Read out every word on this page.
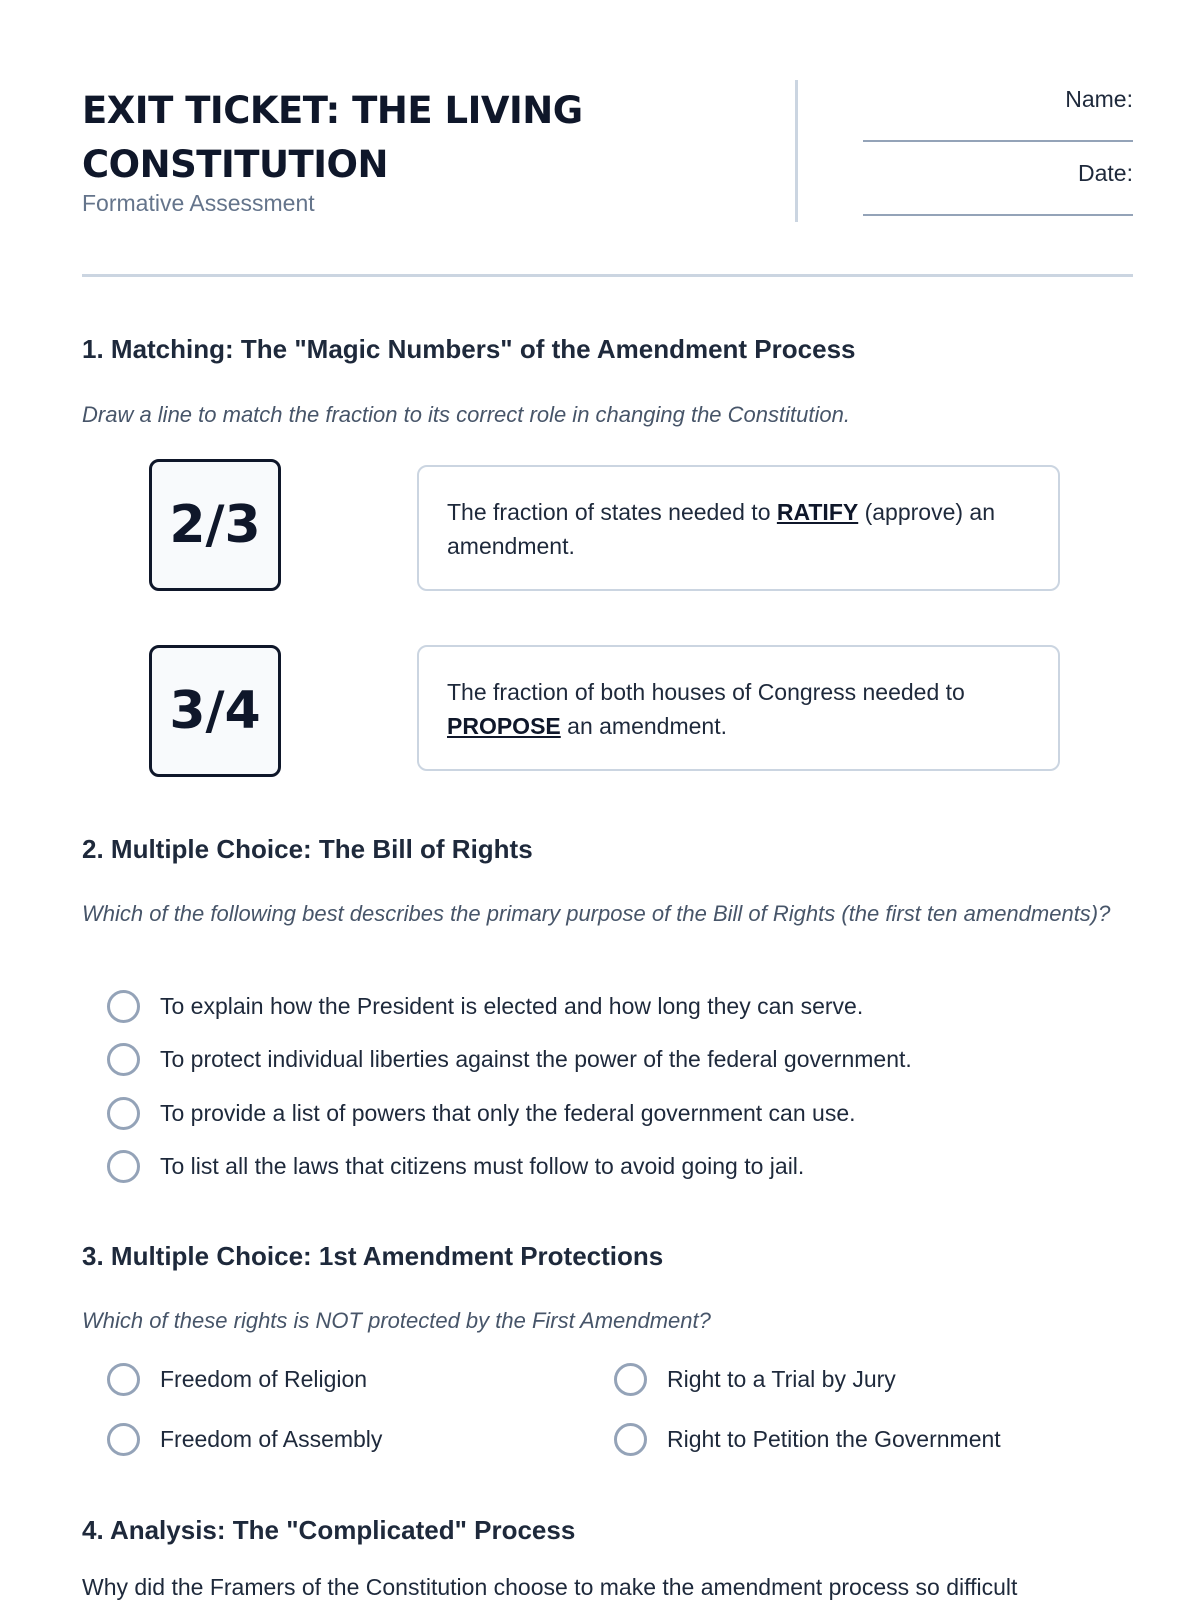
EXIT TICKET: THE LIVING CONSTITUTION
Formative Assessment
Name:
Date:
1. Matching: The "Magic Numbers" of the Amendment Process
Draw a line to match the fraction to its correct role in changing the Constitution.
2/3	The fraction of states needed to RATIFY (approve) an amendment.
3/4	The fraction of both houses of Congress needed to PROPOSE an amendment.
2. Multiple Choice: The Bill of Rights
Which of the following best describes the primary purpose of the Bill of Rights (the first ten amendments)?
To explain how the President is elected and how long they can serve.
To protect individual liberties against the power of the federal government.
To provide a list of powers that only the federal government can use.
To list all the laws that citizens must follow to avoid going to jail.
3. Multiple Choice: 1st Amendment Protections
Which of these rights is NOT protected by the First Amendment?
Freedom of Religion	Right to a Trial by Jury
Freedom of Assembly	Right to Petition the Government
4. Analysis: The "Complicated" Process
Why did the Framers of the Constitution choose to make the amendment process so difficult
